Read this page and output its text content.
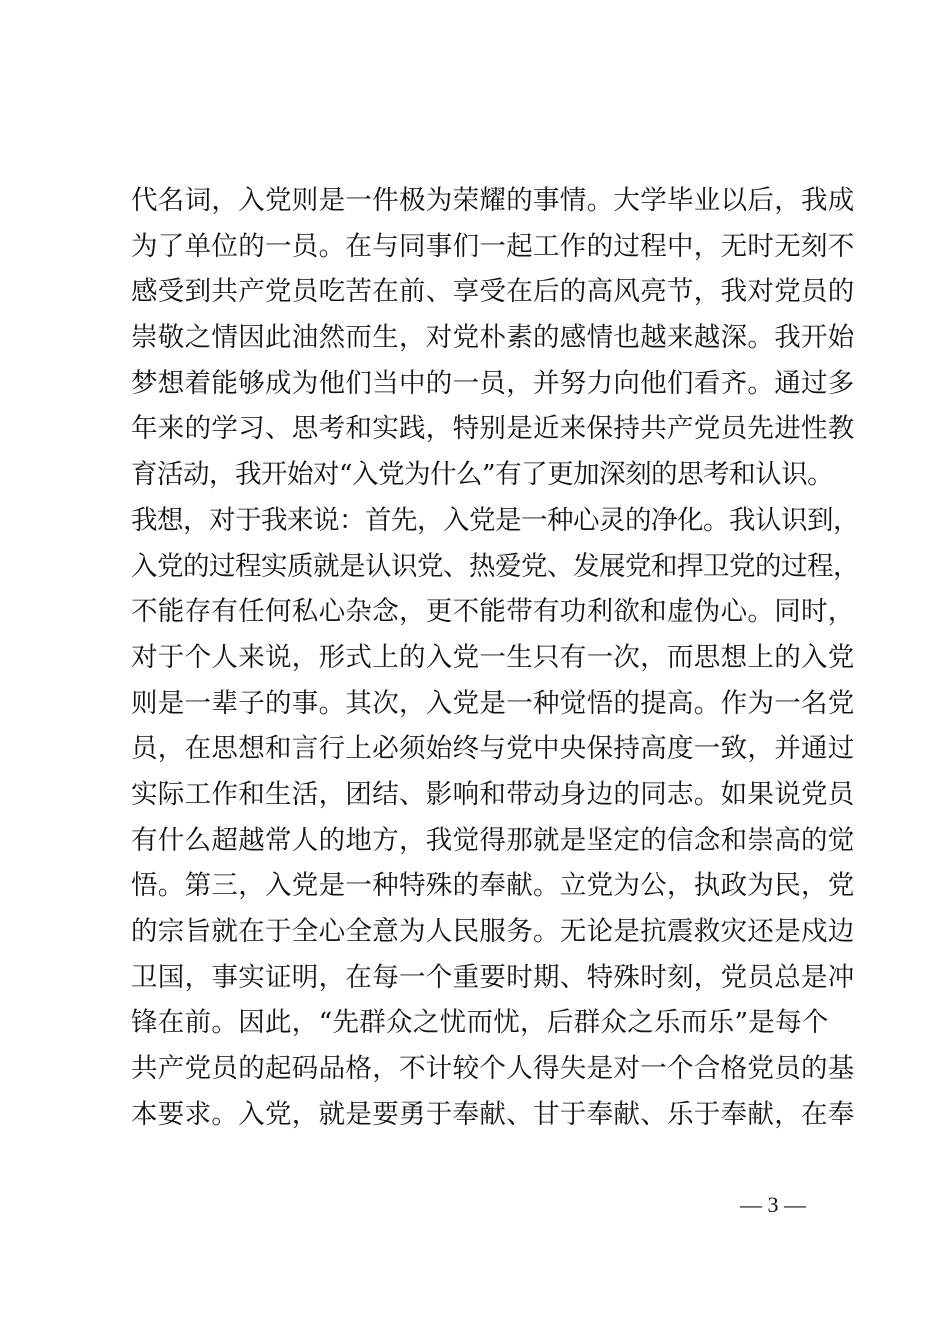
代名词，入党则是一件极为荣耀的事情。大学毕业以后，我成
为了单位的一员。在与同事们一起工作的过程中，无时无刻不
感受到共产党员吃苦在前、享受在后的高风亮节，我对党员的
崇敬之情因此油然而生，对党朴素的感情也越来越深。我开始
梦想着能够成为他们当中的一员，并努力向他们看齐。通过多
年来的学习、思考和实践，特别是近来保持共产党员先进性教
育活动，我开始对“入党为什么”有了更加深刻的思考和认识。
我想，对于我来说：首先，入党是一种心灵的净化。我认识到，
入党的过程实质就是认识党、热爱党、发展党和捍卫党的过程，
不能存有任何私心杂念，更不能带有功利欲和虚伪心。同时，
对于个人来说，形式上的入党一生只有一次，而思想上的入党
则是一辈子的事。其次，入党是一种觉悟的提高。作为一名党
员，在思想和言行上必须始终与党中央保持高度一致，并通过
实际工作和生活，团结、影响和带动身边的同志。如果说党员
有什么超越常人的地方，我觉得那就是坚定的信念和崇高的觉
悟。第三，入党是一种特殊的奉献。立党为公，执政为民，党
的宗旨就在于全心全意为人民服务。无论是抗震救灾还是戍边
卫国，事实证明，在每一个重要时期、特殊时刻，党员总是冲
锋在前。因此，“先群众之忧而忧，后群众之乐而乐”是每个
共产党员的起码品格，不计较个人得失是对一个合格党员的基
本要求。入党，就是要勇于奉献、甘于奉献、乐于奉献，在奉
— 3 —
